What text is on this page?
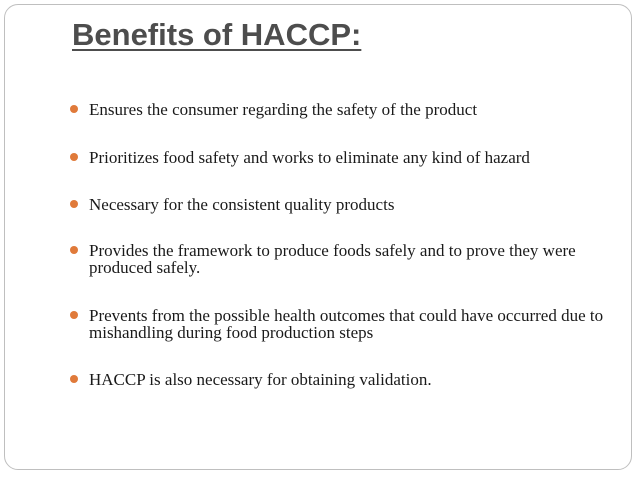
Benefits of HACCP:
Ensures the consumer regarding the safety of the product
Prioritizes food safety and works to eliminate any kind of hazard
Necessary for the consistent quality products
Provides the framework to produce foods safely and to prove they were produced safely.
Prevents from the possible health outcomes that could have occurred due to mishandling during food production steps
HACCP is also necessary for obtaining validation.
